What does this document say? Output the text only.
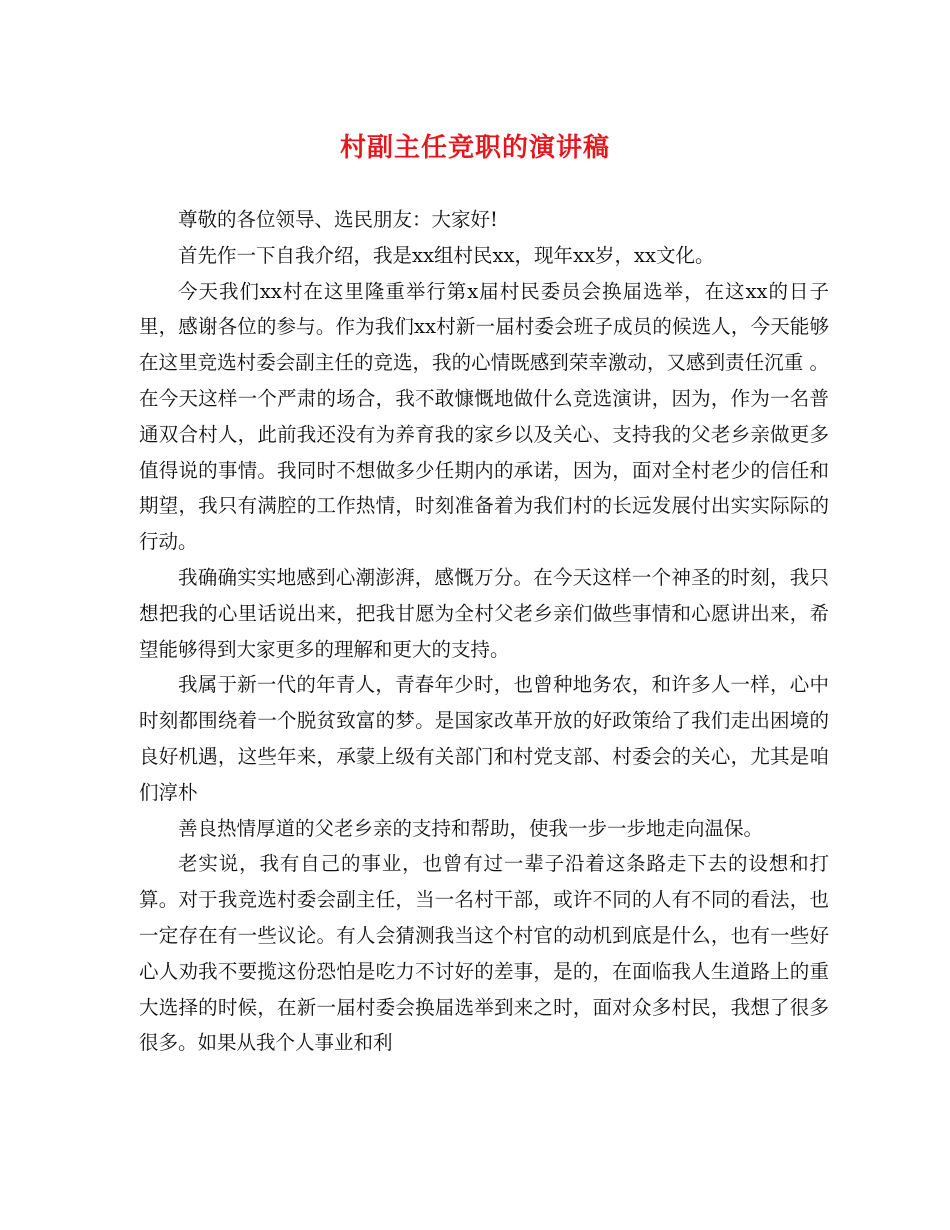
村副主任竞职的演讲稿

尊敬的各位领导、选民朋友：大家好!

首先作一下自我介绍，我是xx组村民xx，现年xx岁，xx文化。

今天我们xx村在这里隆重举行第x届村民委员会换届选举，在这xx的日子里，感谢各位的参与。作为我们xx村新一届村委会班子成员的候选人，今天能够在这里竞选村委会副主任的竞选，我的心情既感到荣幸激动，又感到责任沉重 。 在今天这样一个严肃的场合，我不敢慷慨地做什么竞选演讲，因为，作为一名普通双合村人，此前我还没有为养育我的家乡以及关心、支持我的父老乡亲做更多值得说的事情。我同时不想做多少任期内的承诺，因为，面对全村老少的信任和期望，我只有满腔的工作热情，时刻准备着为我们村的长远发展付出实实际际的行动。

我确确实实地感到心潮澎湃，感慨万分。在今天这样一个神圣的时刻，我只想把我的心里话说出来，把我甘愿为全村父老乡亲们做些事情和心愿讲出来，希望能够得到大家更多的理解和更大的支持。

我属于新一代的年青人，青春年少时，也曾种地务农，和许多人一样，心中时刻都围绕着一个脱贫致富的梦。是国家改革开放的好政策给了我们走出困境的良好机遇，这些年来，承蒙上级有关部门和村党支部、村委会的关心，尤其是咱们淳朴

善良热情厚道的父老乡亲的支持和帮助，使我一步一步地走向温保。

老实说，我有自己的事业，也曾有过一辈子沿着这条路走下去的设想和打算。对于我竞选村委会副主任，当一名村干部，或许不同的人有不同的看法，也一定存在有一些议论。有人会猜测我当这个村官的动机到底是什么，也有一些好心人劝我不要揽这份恐怕是吃力不讨好的差事，是的，在面临我人生道路上的重大选择的时候，在新一届村委会换届选举到来之时，面对众多村民，我想了很多很多。如果从我个人事业和利
